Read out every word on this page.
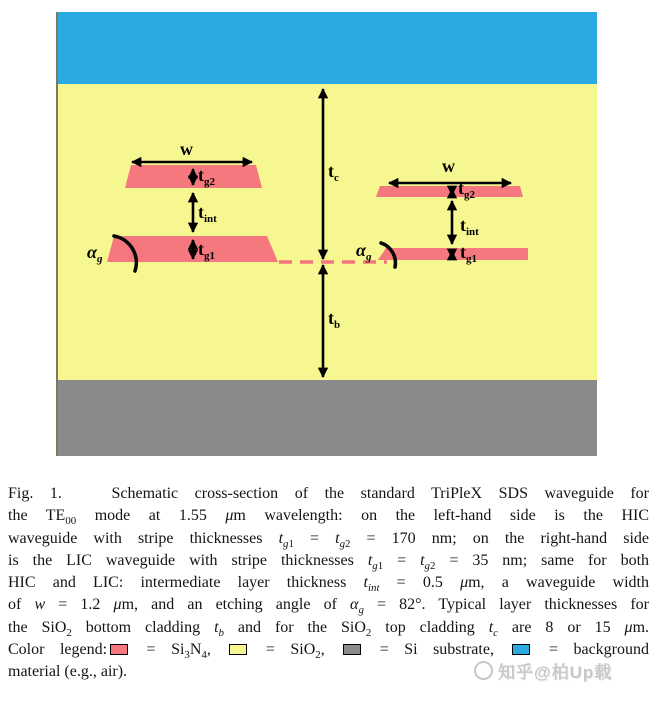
w
$t_{g2}$
$t_{int}$
$t_{g1}$
$t_c$
$t_b$
w
$t_{g2}$
$t_{int}$
$t_{g1}$
$\alpha_g$	$\alpha_g$
Fig. 1.   Schematic cross-section of the standard TriPleX SDS waveguide for
the $TE_{00}$ mode at 1.55 μm wavelength: on the left-hand side is the HIC
waveguide with stripe thicknesses $t_{g1} = t_{g2} = 170$ nm; on the right-hand side
is the LIC waveguide with stripe thicknesses $t_{g1} = t_{g2} = 35$ nm; same for both
HIC and LIC: intermediate layer thickness $t_{int} = 0.5$ μm, a waveguide width
of w = 1.2 μm, and an etching angle of $\alpha_g = 82^\circ$. Typical layer thicknesses for
the SiO$_2$ bottom cladding $t_b$ and for the SiO$_2$ top cladding $t_c$ are 8 or 15 μm.
Color legend: = $Si_3N_4$,  = SiO$_2$,  = Si substrate,  = background
material (e.g., air).	知乎@柏Up载
